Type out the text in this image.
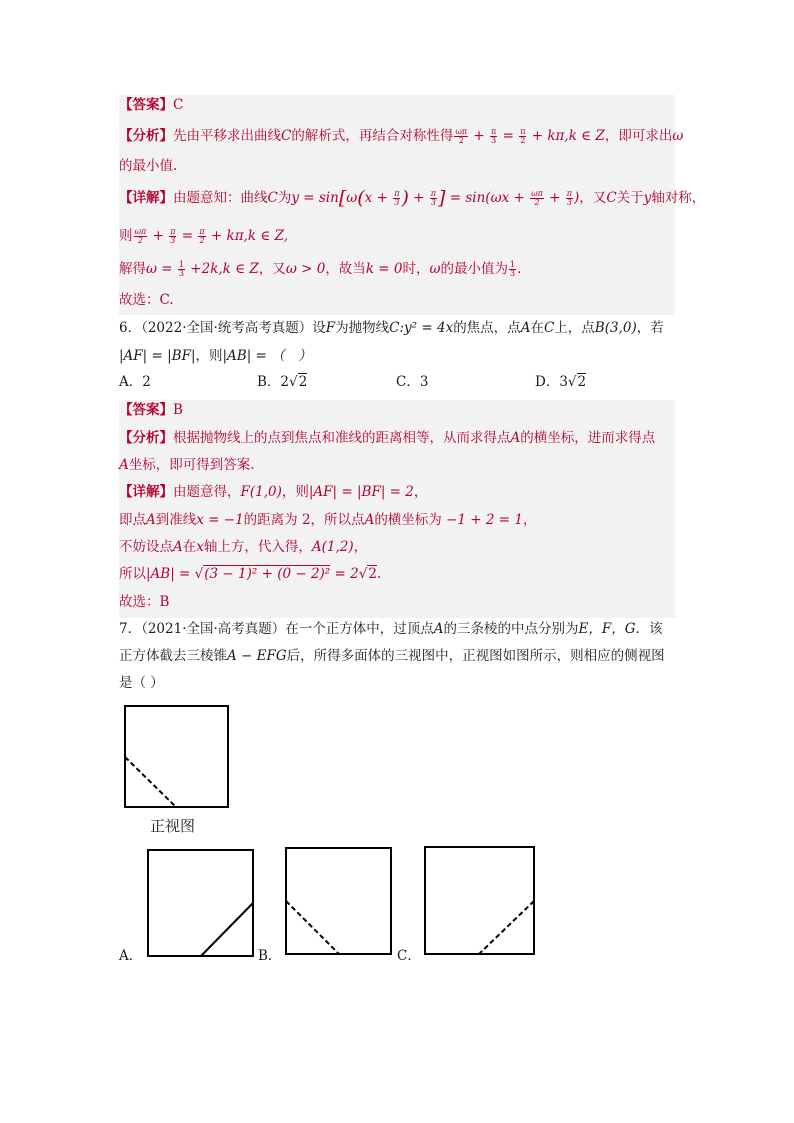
【答案】C
【分析】先由平移求出曲线C的解析式，再结合对称性得 $\frac{\omega\pi}{2} + \frac{\pi}{3} = \frac{\pi}{2} + k\pi,k$ ∈ Z，即可求出ω
的最小值.
【详解】由题意知：曲线C为$y = \sin[\omega(x + \frac{\pi}{3}$ ) + $\frac{\pi}{3}$ ] = $\sin(\omega x + \frac{\omega\pi}{2} + \frac{\pi}{3}$ )，又C关于y轴对称，
则 $\frac{\omega\pi}{2} + \frac{\pi}{3} = \frac{\pi}{2} + k\pi,k$ ∈ Z,
解得$\omega = \frac{1}{3} +2k,k$ ∈ Z，又ω > 0，故当k = 0时，ω的最小值为 $\frac{1}{3}$ .
故选：C.
6．（2022·全国·统考高考真题）设F为抛物线C:y² = 4x的焦点，点A在C上，点B(3,0)，若
|AF| = |BF|，则|AB| = （　）
A．2	B．2√2	C．3	D．3√2
【答案】B
【分析】根据抛物线上的点到焦点和准线的距离相等，从而求得点A的横坐标，进而求得点
A坐标，即可得到答案.
【详解】由题意得，F(1,0)，则|AF| = |BF| = 2，
即点A到准线x = −1的距离为 2，所以点A的横坐标为 −1 + 2 = 1，
不妨设点A在x轴上方，代入得，A(1,2)，
所以|AB| = √(3 − 1)² + (0 − 2)² = 2√2.
故选：B
7．（2021·全国·高考真题）在一个正方体中，过顶点A的三条棱的中点分别为E，F，G．该
正方体截去三棱锥A − EFG后，所得多面体的三视图中，正视图如图所示，则相应的侧视图
是（ ）
正视图
A．	B．	C．
